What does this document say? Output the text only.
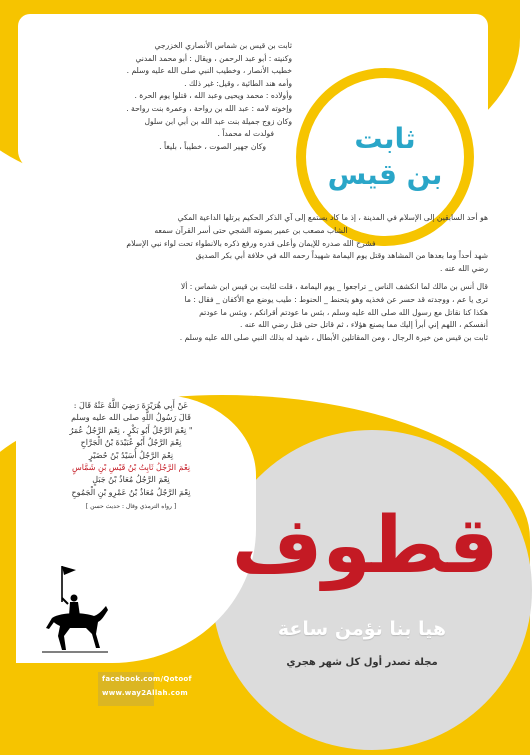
ثابت
بن قيس
ثابت بن قيس بن شماس الأنصاري الخزرجي
وكنيته : أبو عبد الرحمن ، ويقال : أبو محمد المدني
خطيب الأنصار ، وخطيب النبي صلى الله عليه وسلم .
وأمه هند الطائية ، وقيل: غير ذلك .
وأولاده : محمد ويحيى وعبد الله ، قتلوا يوم الحرة .
وإخوته لامه : عبد الله بن رواحة ، وعمرة بنت رواحة .
وكان زوج جميلة بنت عبد الله بن أبي ابن سلول
فولدت له محمداً .
وكان جهير الصوت ، خطيباً ، بليغاً .

هو أحد السابقين إلى الإسلام في المدينة ، إذ ما كاد يستمع إلى آي الذكر الحكيم يرتلها الداعية المكي

الشاب مصعب بن عمير بصوته الشجي حتى أسر القرآن سمعه

فشرح الله صدره للإيمان وأعلى قدره ورفع ذكره بالانطواء تحت لواء نبي الإسلام

شهد أحداً وما بعدها من المشاهد وقتل يوم اليمامة شهيداً رحمه الله في خلافة أبي بكر الصديق

رضي الله عنه .

قال أنس بن مالك لما انكشف الناس _ تراجعوا _ يوم اليمامة ، قلت لثابت بن قيس ابن شماس : ألا

ترى يا عم ، ووجدته قد حسر عن فخذيه وهو يتحنط _ الحنوط : طيب يوضع مع الأكفان _ فقال : ما

هكذا كنا نقاتل مع رسول الله صلى الله عليه وسلم ، بئس ما عودتم أقرانكم ، وبئس ما عودتم

أنفسكم ، اللهم إني أبرأ إليك مما يصنع هؤلاء ، ثم قاتل حتى قتل رضي الله عنه .

ثابت بن قيس من خيرة الرجال ، ومن المقاتلين الأبطال ، شهد له بذلك النبي صلى الله عليه وسلم .

عَنْ أَبِي هُرَيْرَةَ رَضِيَ اللَّهُ عَنْهُ قَالَ :
قَالَ رَسُولُ اللَّهِ صلى الله عليه وسلم
" نِعْمَ الرَّجُلُ أَبُو بَكْرٍ ، نِعْمَ الرَّجُلُ عُمَرُ
نِعْمَ الرَّجُلُ أَبُو عُبَيْدَةَ بْنُ الْجَرَّاحِ
نِعْمَ الرَّجُلُ أُسَيْدُ بْنُ حُضَيْرٍ
نِعْمَ الرَّجُلُ ثَابِتُ بْنُ قَيْسِ بْنِ شَمَّاسٍ
نِعْمَ الرَّجُلُ مُعَاذُ بْنُ جَبَلٍ
نِعْمَ الرَّجُلُ مُعَاذُ بْنُ عَمْرِو بْنِ الْجَمُوحِ
[ رواه الترمذي وقال : حديث حسن ] قطوف
هيا بنا نؤمن ساعة
مجلة تصدر أول كل شهر هجري
facebook.com/Qotoof
www.way2Allah.com
